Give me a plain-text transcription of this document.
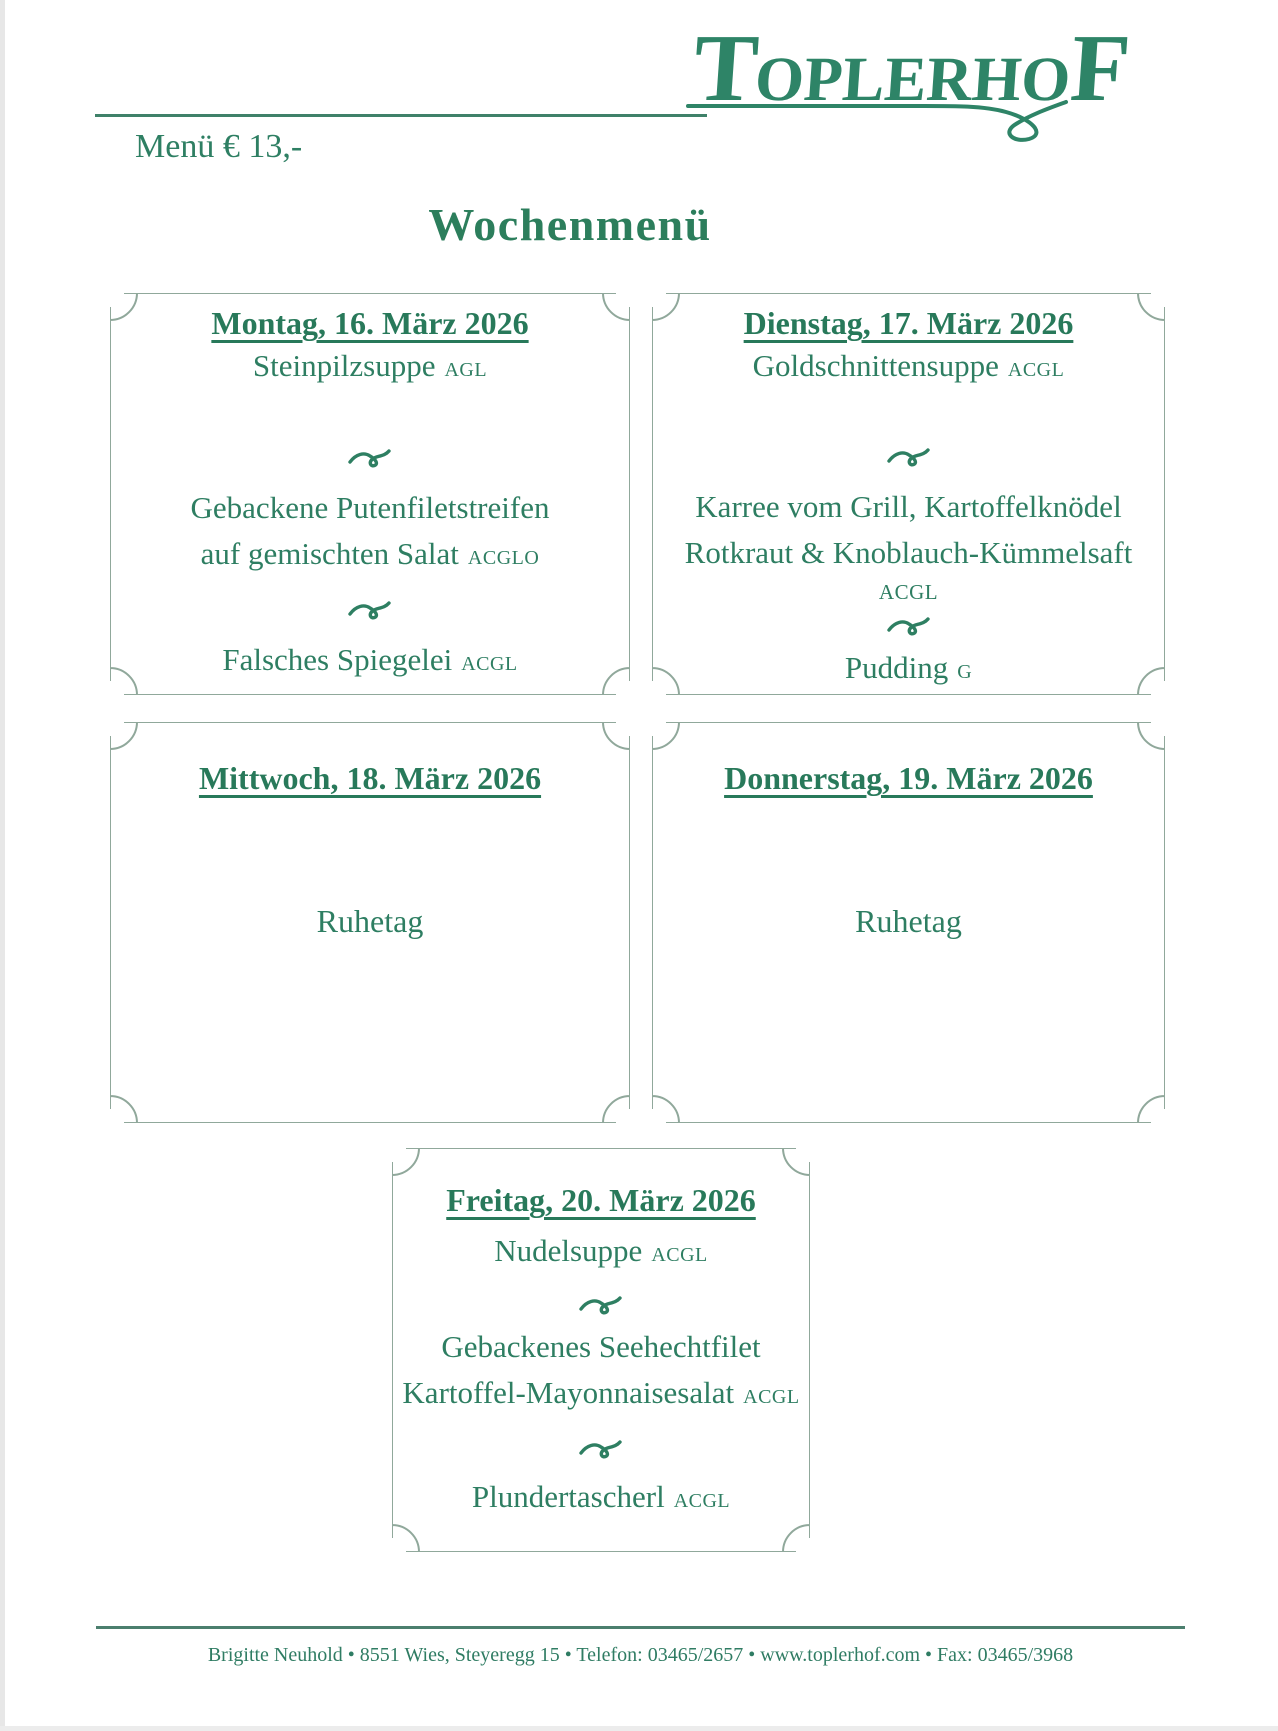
TOPLERHOF
Menü € 13,-
Wochenmenü
Montag, 16. März 2026
Steinpilzsuppe AGL
Gebackene Putenfiletstreifen
auf gemischten Salat ACGLO
Falsches Spiegelei ACGL
Dienstag, 17. März 2026
Goldschnittensuppe ACGL
Karree vom Grill, Kartoffelknödel
Rotkraut & Knoblauch-Kümmelsaft
ACGL
Pudding G
Mittwoch, 18. März 2026
Ruhetag
Donnerstag, 19. März 2026
Ruhetag
Freitag, 20. März 2026
Nudelsuppe ACGL
Gebackenes Seehechtfilet
Kartoffel-Mayonnaisesalat ACGL
Plundertascherl ACGL
Brigitte Neuhold • 8551 Wies, Steyeregg 15 • Telefon: 03465/2657 • www.toplerhof.com • Fax: 03465/3968
